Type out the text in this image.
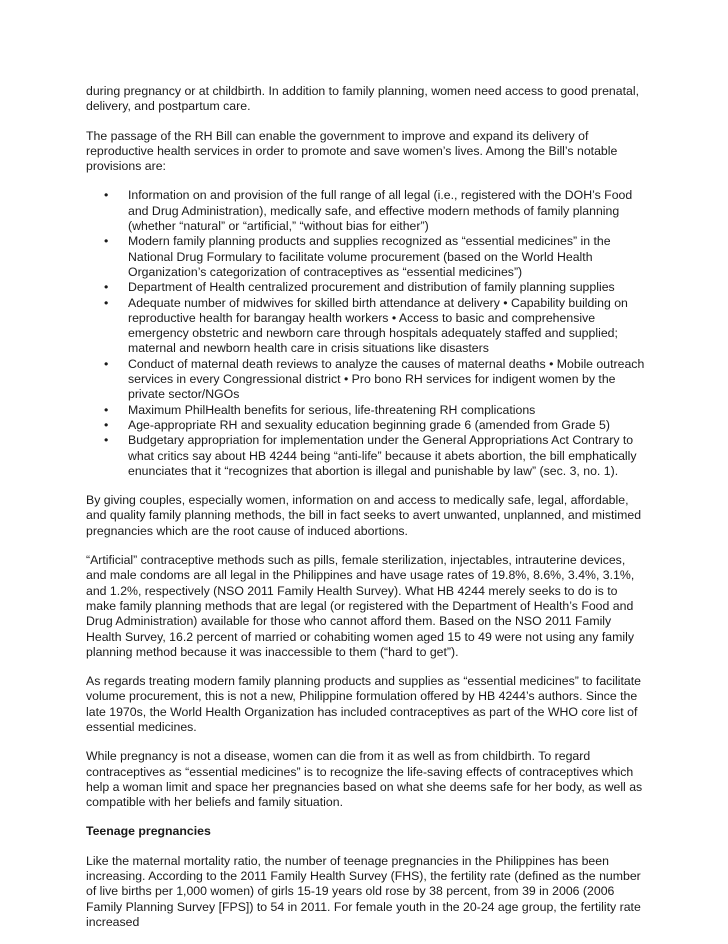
during pregnancy or at childbirth. In addition to family planning, women need access to good prenatal, delivery, and postpartum care.

The passage of the RH Bill can enable the government to improve and expand its delivery of reproductive health services in order to promote and save women’s lives. Among the Bill’s notable provisions are:

• Information on and provision of the full range of all legal (i.e., registered with the DOH’s Food and Drug Administration), medically safe, and effective modern methods of family planning (whether “natural” or “artificial,” “without bias for either”)
• Modern family planning products and supplies recognized as “essential medicines” in the National Drug Formulary to facilitate volume procurement (based on the World Health Organization’s categorization of contraceptives as “essential medicines”)
• Department of Health centralized procurement and distribution of family planning supplies
• Adequate number of midwives for skilled birth attendance at delivery • Capability building on reproductive health for barangay health workers • Access to basic and comprehensive emergency obstetric and newborn care through hospitals adequately staffed and supplied; maternal and newborn health care in crisis situations like disasters
• Conduct of maternal death reviews to analyze the causes of maternal deaths • Mobile outreach services in every Congressional district • Pro bono RH services for indigent women by the private sector/NGOs
• Maximum PhilHealth benefits for serious, life-threatening RH complications
• Age-appropriate RH and sexuality education beginning grade 6 (amended from Grade 5)
• Budgetary appropriation for implementation under the General Appropriations Act Contrary to what critics say about HB 4244 being “anti-life” because it abets abortion, the bill emphatically enunciates that it “recognizes that abortion is illegal and punishable by law” (sec. 3, no. 1).

By giving couples, especially women, information on and access to medically safe, legal, affordable, and quality family planning methods, the bill in fact seeks to avert unwanted, unplanned, and mistimed pregnancies which are the root cause of induced abortions.

“Artificial” contraceptive methods such as pills, female sterilization, injectables, intrauterine devices, and male condoms are all legal in the Philippines and have usage rates of 19.8%, 8.6%, 3.4%, 3.1%, and 1.2%, respectively (NSO 2011 Family Health Survey). What HB 4244 merely seeks to do is to make family planning methods that are legal (or registered with the Department of Health’s Food and Drug Administration) available for those who cannot afford them. Based on the NSO 2011 Family Health Survey, 16.2 percent of married or cohabiting women aged 15 to 49 were not using any family planning method because it was inaccessible to them (“hard to get”).

As regards treating modern family planning products and supplies as “essential medicines” to facilitate volume procurement, this is not a new, Philippine formulation offered by HB 4244’s authors. Since the late 1970s, the World Health Organization has included contraceptives as part of the WHO core list of essential medicines.

While pregnancy is not a disease, women can die from it as well as from childbirth. To regard contraceptives as “essential medicines” is to recognize the life-saving effects of contraceptives which help a woman limit and space her pregnancies based on what she deems safe for her body, as well as compatible with her beliefs and family situation.

Teenage pregnancies

Like the maternal mortality ratio, the number of teenage pregnancies in the Philippines has been increasing. According to the 2011 Family Health Survey (FHS), the fertility rate (defined as the number of live births per 1,000 women) of girls 15-19 years old rose by 38 percent, from 39 in 2006 (2006 Family Planning Survey [FPS]) to 54 in 2011. For female youth in the 20-24 age group, the fertility rate increased
